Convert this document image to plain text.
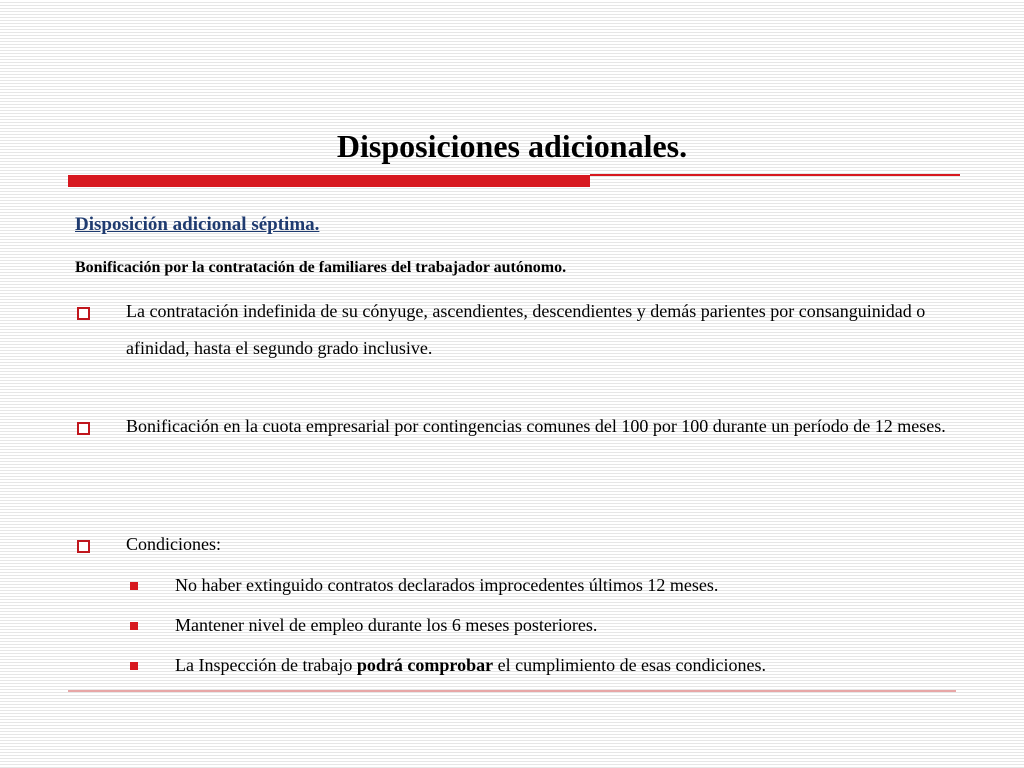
Disposiciones adicionales.
Disposición adicional séptima.
Bonificación por la contratación de familiares del trabajador autónomo.
La contratación indefinida de su cónyuge, ascendientes, descendientes y demás parientes por consanguinidad o afinidad, hasta el segundo grado inclusive.
Bonificación en la cuota empresarial por contingencias comunes del 100 por 100 durante un período de 12 meses.
Condiciones:
No haber extinguido contratos declarados improcedentes últimos 12 meses.
Mantener nivel de empleo durante los 6 meses posteriores.
La Inspección de trabajo podrá comprobar el cumplimiento de esas condiciones.
